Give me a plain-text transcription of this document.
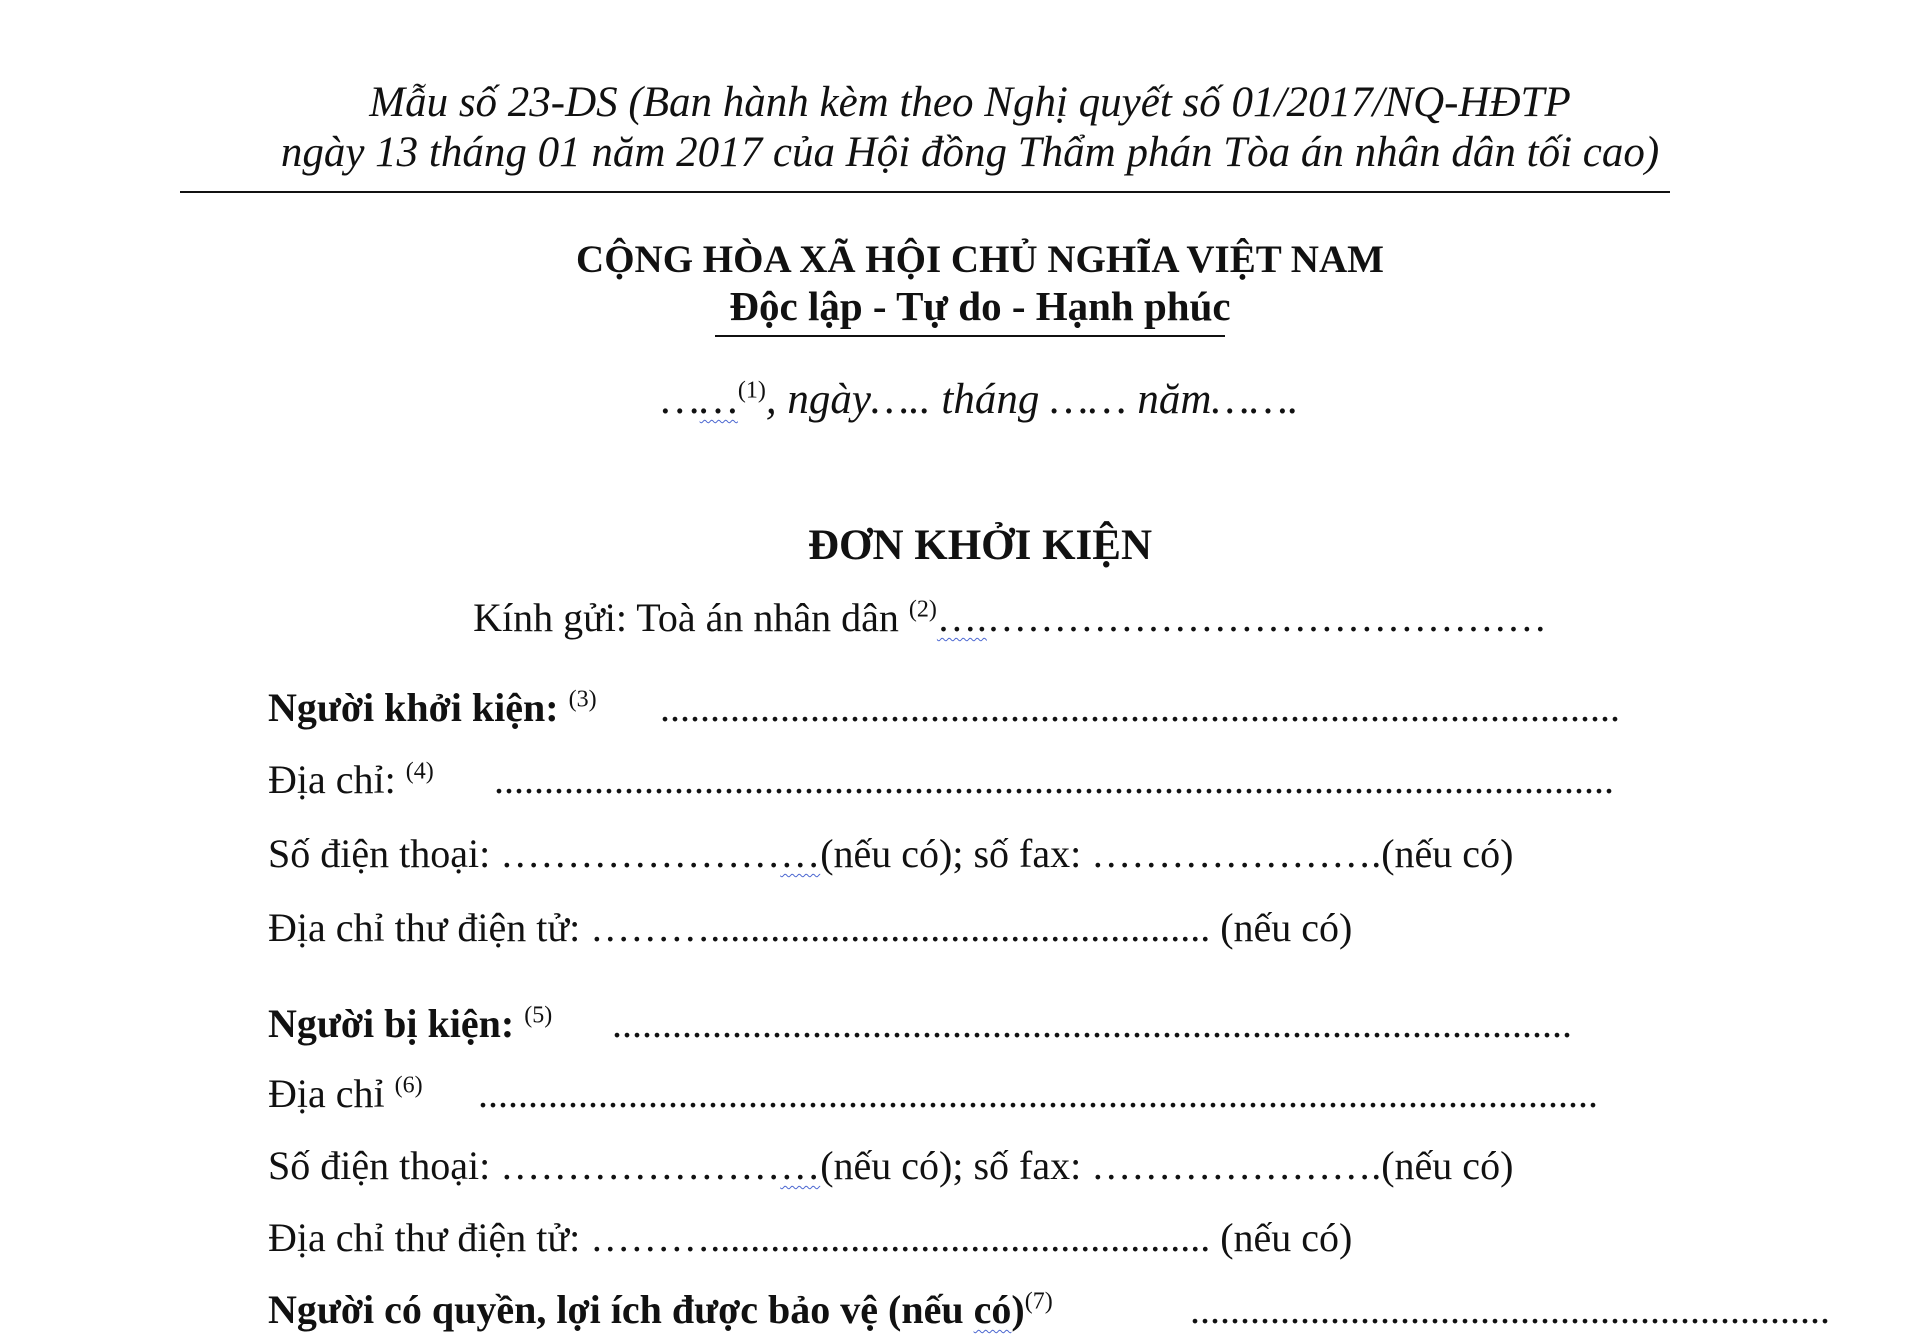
Mẫu số 23-DS (Ban hành kèm theo Nghị quyết số 01/2017/NQ-HĐTP
ngày 13 tháng 01 năm 2017 của Hội đồng Thẩm phán Tòa án nhân dân tối cao)
CỘNG HÒA XÃ HỘI CHỦ NGHĨA VIỆT NAM
Độc lập - Tự do - Hạnh phúc
……$^{(1)}$, ngày….. tháng …… năm…….
ĐƠN KHỞI KIỆN
Kính gửi: Toà án nhân dân $^{(2)}$….……………………………………
Người khởi kiện: $^{(3)}$ ................................................................................................
Địa chỉ: $^{(4)}$ ................................................................................................................
Số điện thoại: ……………………(nếu có); số fax: ………………….(nếu có)
Địa chỉ thư điện tử: ……….................................................. (nếu có)
Người bị kiện: $^{(5)}$ ................................................................................................
Địa chỉ $^{(6)}$ ................................................................................................................
Số điện thoại: ……………………(nếu có); số fax: ………………….(nếu có)
Địa chỉ thư điện tử: ……….................................................. (nếu có)
Người có quyền, lợi ích được bảo vệ (nếu có)$^{(7)}$	................................................................
